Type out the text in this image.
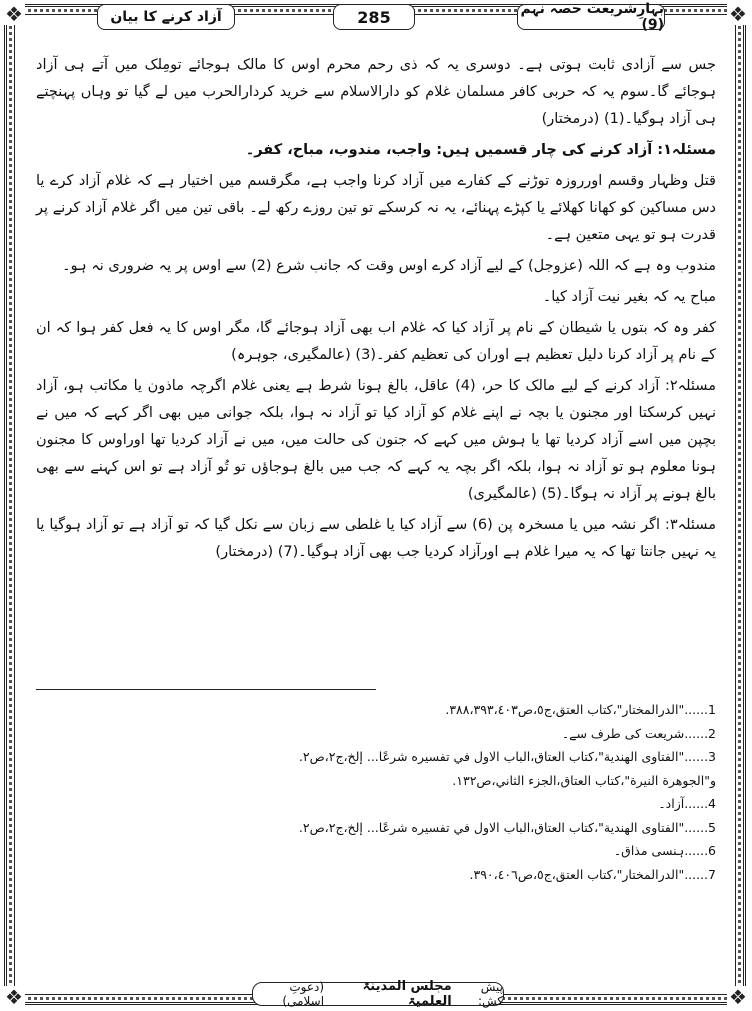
❖	❖
❖	❖
بہارِشریعت حصہ نہم (9)
285
آزاد کرنے کا بیان

جس سے آزادی ثابت ہوتی ہے۔ دوسری یہ کہ ذی رحم محرم اوس کا مالک ہوجائے تومِلک میں آتے ہی آزاد ہوجائے گا۔سوم یہ کہ حربی کافر مسلمان غلام کو دارالاسلام سے خرید کردارالحرب میں لے گیا تو وہاں پہنچتے ہی آزاد ہوگیا۔(1) (درمختار)

مسئلہ۱: آزاد کرنے کی چار قسمیں ہیں: واجب، مندوب، مباح، کفر۔

قتل وظہار وقسم اورروزہ توڑنے کے کفارے میں آزاد کرنا واجب ہے، مگرقسم میں اختیار ہے کہ غلام آزاد کرے یا دس مساکین کو کھانا کھلائے یا کپڑے پہنائے، یہ نہ کرسکے تو تین روزے رکھ لے۔ باقی تین میں اگر غلام آزاد کرنے پر قدرت ہو تو یہی متعین ہے۔

مندوب وہ ہے کہ اللہ (عزوجل) کے لیے آزاد کرے اوس وقت کہ جانب شرع (2) سے اوس پر یہ ضروری نہ ہو۔

مباح یہ کہ بغیر نیت آزاد کیا۔

کفر وہ کہ بتوں یا شیطان کے نام پر آزاد کیا کہ غلام اب بھی آزاد ہوجائے گا، مگر اوس کا یہ فعل کفر ہوا کہ ان کے نام پر آزاد کرنا دلیل تعظیم ہے اوران کی تعظیم کفر۔(3) (عالمگیری، جوہرہ)

مسئلہ۲: آزاد کرنے کے لیے مالک کا حر، (4) عاقل، بالغ ہونا شرط ہے یعنی غلام اگرچہ ماذون یا مکاتب ہو، آزاد نہیں کرسکتا اور مجنون یا بچہ نے اپنے غلام کو آزاد کیا تو آزاد نہ ہوا، بلکہ جوانی میں بھی اگر کہے کہ میں نے بچپن میں اسے آزاد کردیا تھا یا ہوش میں کہے کہ جنون کی حالت میں، میں نے آزاد کردیا تھا اوراوس کا مجنون ہونا معلوم ہو تو آزاد نہ ہوا، بلکہ اگر بچہ یہ کہے کہ جب میں بالغ ہوجاؤں تو تُو آزاد ہے تو اس کہنے سے بھی بالغ ہونے پر آزاد نہ ہوگا۔(5) (عالمگیری)

مسئلہ۳: اگر نشہ میں یا مسخرہ پن (6) سے آزاد کیا یا غلطی سے زبان سے نکل گیا کہ تو آزاد ہے تو آزاد ہوگیا یا یہ نہیں جانتا تھا کہ یہ میرا غلام ہے اورآزاد کردیا جب بھی آزاد ہوگیا۔(7) (درمختار)

1......"الدرالمختار"،كتاب العتق،ج٥،ص٣٨٨،٣٩٣،٤٠٣.
2......شریعت کی طرف سے۔
3......"الفتاوى الهندية"،كتاب العتاق،الباب الاول في تفسيره شرعًا... إلخ،ج٢،ص٢.
و"الجوهرة النيرة"،كتاب العتاق،الجزء الثاني،ص١٣٢.
4......آزاد۔
5......"الفتاوى الهندية"،كتاب العتاق،الباب الاول في تفسيره شرعًا... إلخ،ج٢،ص٢.
6......ہنسی مذاق۔
7......"الدرالمختار"،كتاب العتق،ج٥،ص٣٩٠،٤٠٦.
پیش کش:
مجلس المدینۃ العلمیۃ
(دعوتِ اسلامی)
